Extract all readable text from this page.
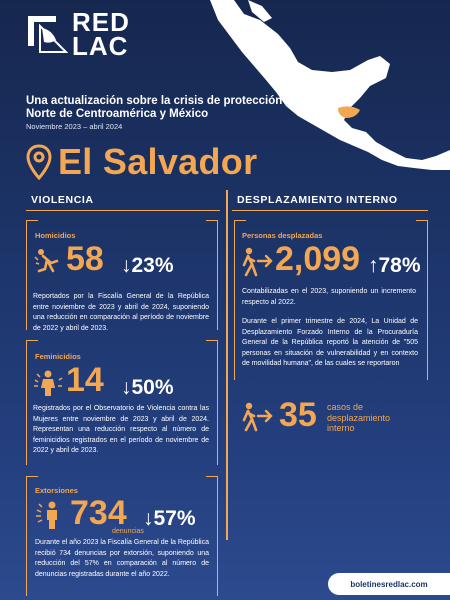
RED
LAC
Una actualización sobre la crisis de protección en el Norte de Centroamérica y México
Noviembre 2023 – abril 2024
El Salvador
VIOLENCIA	DESPLAZAMIENTO INTERNO
Homicidios
58 ↓23%
Reportados por la Fiscalía General de la República entre noviembre de 2023 y abril de 2024, suponiendo una reducción en comparación al período de noviembre de 2022 y abril de 2023.
Feminicidios
14 ↓50%
Registrados por el Observatorio de Violencia contra las Mujeres entre noviembre de 2023 y abril de 2024. Representan una reducción respecto al número de feminicidios registrados en el período de noviembre de 2022 y abril de 2023.
Extorsiones
734
denuncias
↓57%
Durante el año 2023 la Fiscalía General de la República recibió 734 denuncias por extorsión, suponiendo una reducción del 57% en comparación al número de denuncias registradas durante el año 2022.
Personas desplazadas
2,099 ↑78%
Contabilizadas en el 2023, suponiendo un incremento respecto al 2022.
Durante el primer trimestre de 2024, La Unidad de Desplazamiento Forzado Interno de la Procuraduría General de la República reportó la atención de "505 personas en situación de vulnerabilidad y en contexto de movilidad humana", de las cuales se reportaron
35 casos de desplazamiento interno
boletinesredlac.com
